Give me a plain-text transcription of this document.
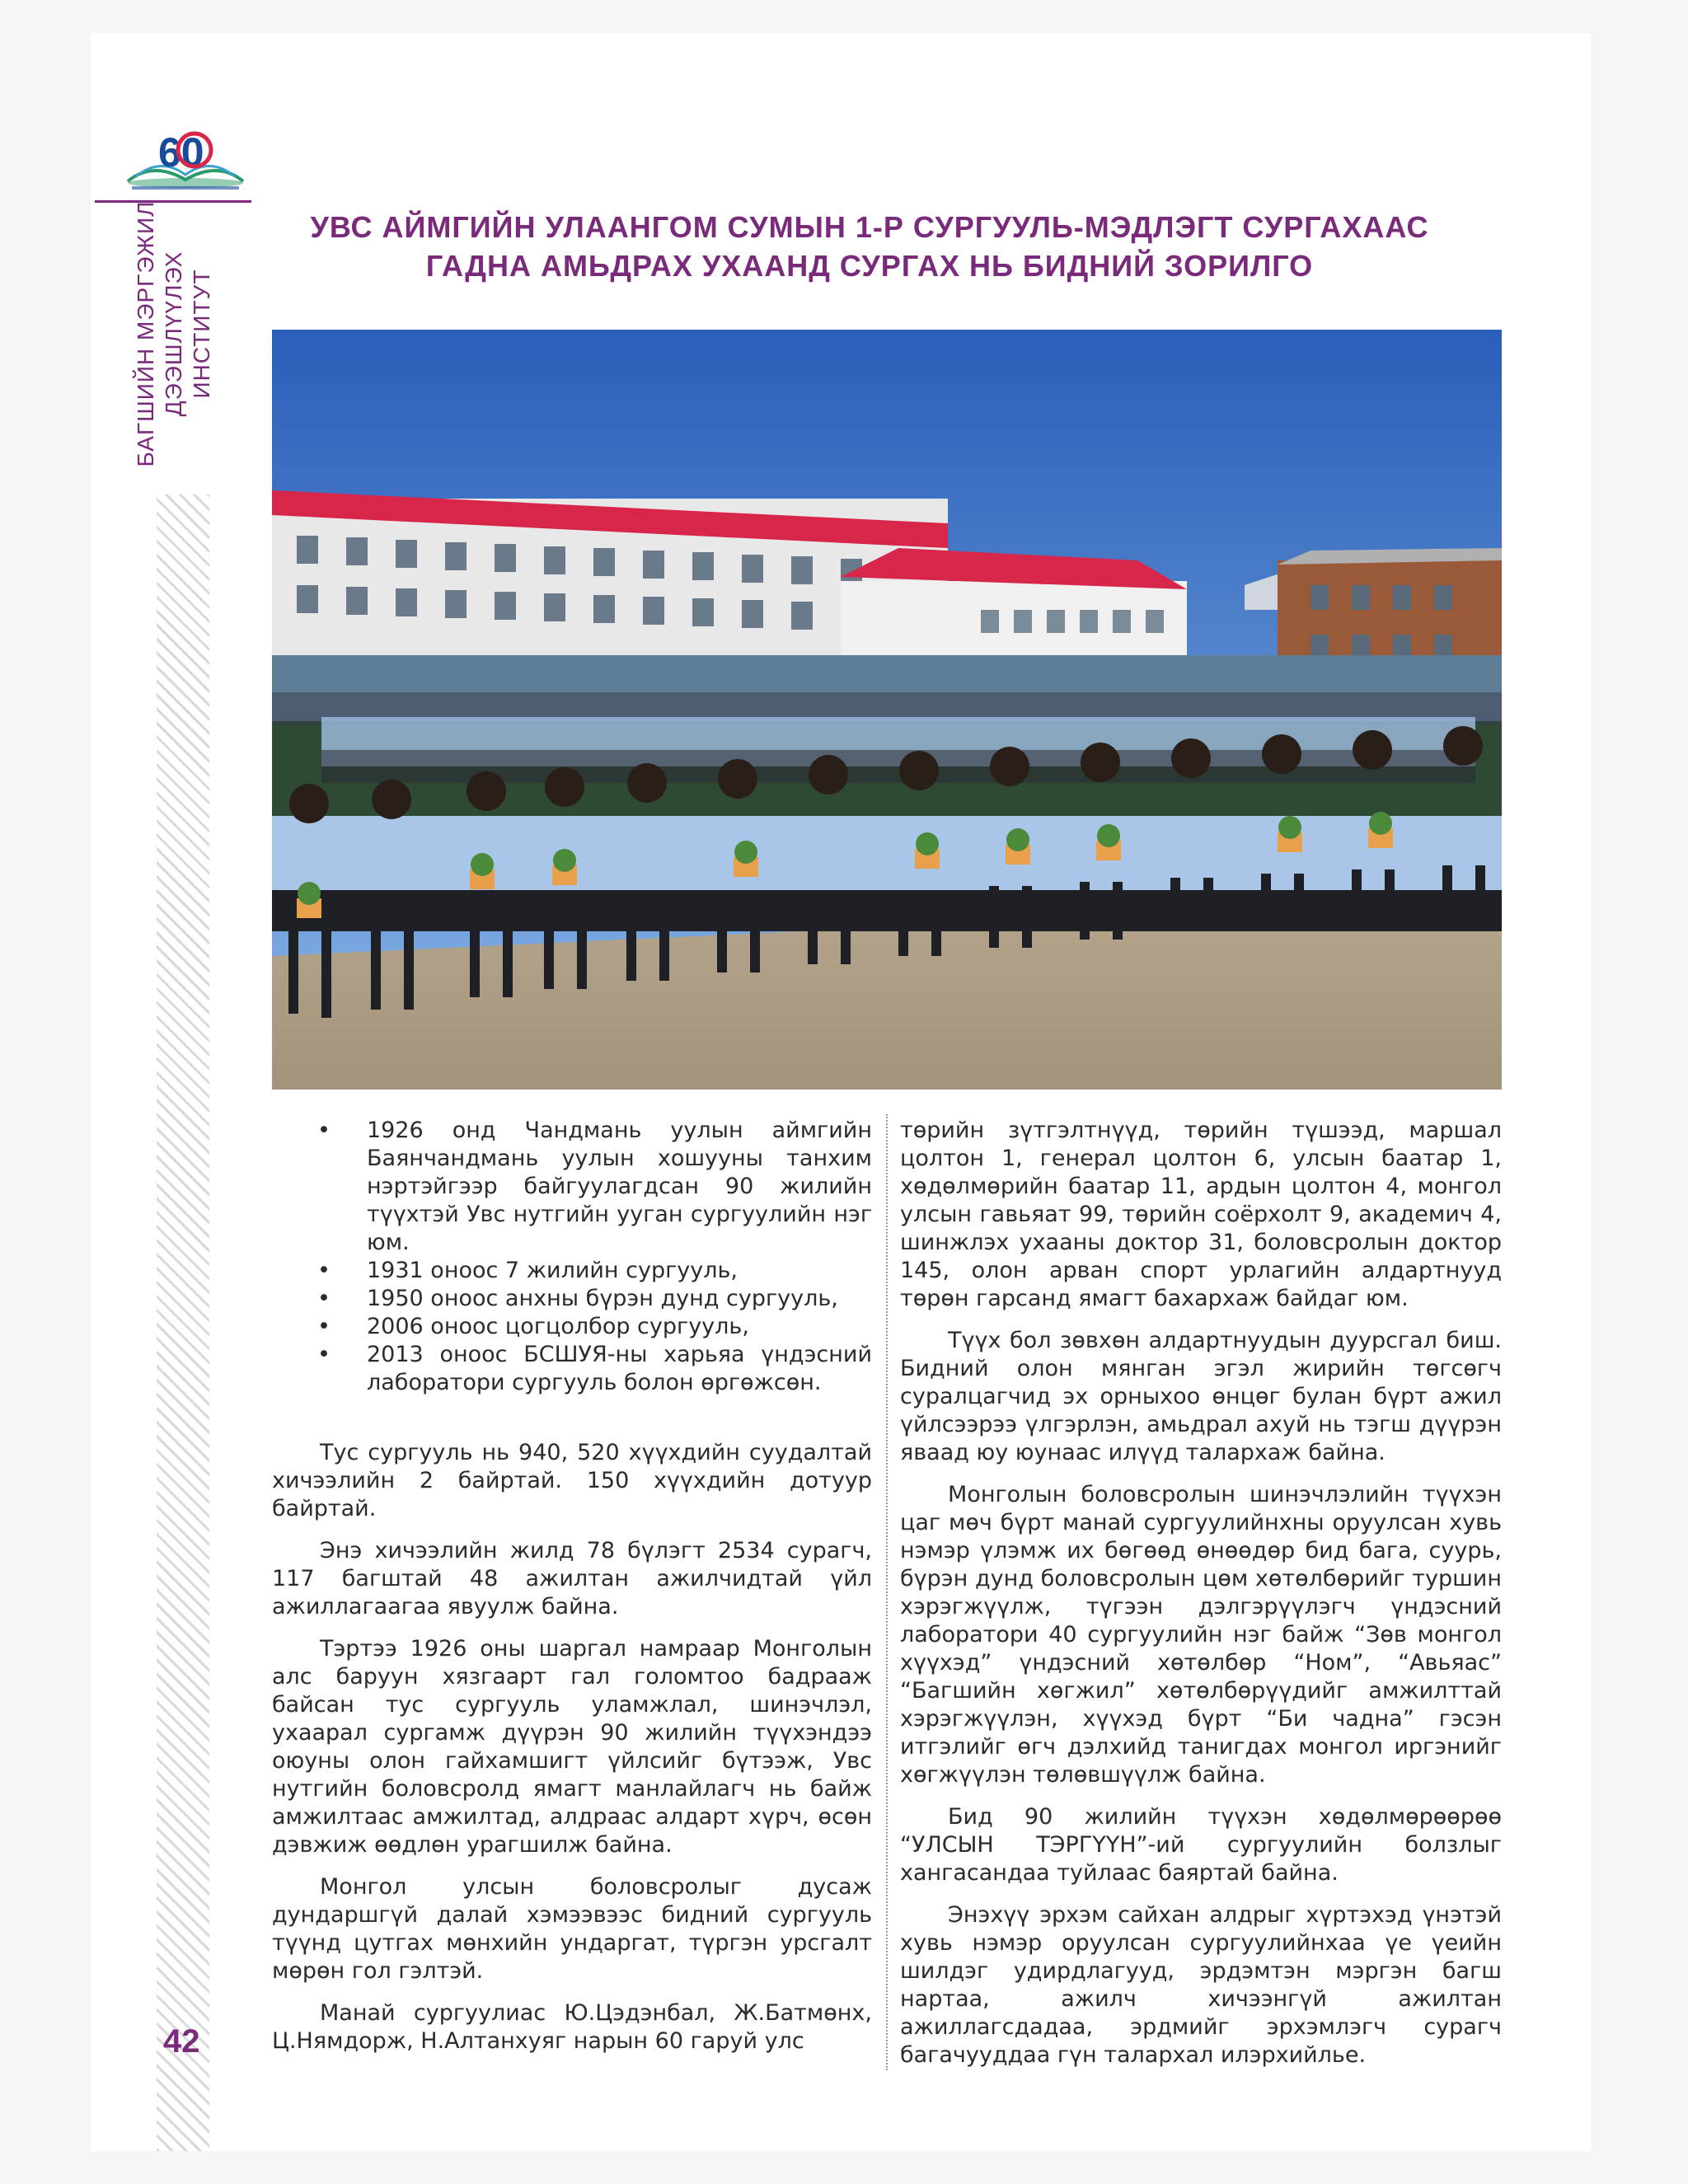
60
БАГШИЙН МЭРГЭЖИЛ ДЭЭШЛҮҮЛЭХ ИНСТИТУТ
42
УВС АЙМГИЙН УЛААНГОМ СУМЫН 1-Р СУРГУУЛЬ-МЭДЛЭГТ СУРГАХААС
ГАДНА АМЬДРАХ УХААНД СУРГАХ НЬ БИДНИЙ ЗОРИЛГО
• 1926 онд Чандмань уулын аймгийн Баянчандмань уулын хошууны танхим нэртэйгээр байгуулагдсан 90 жилийн түүхтэй Увс нутгийн ууган сургуулийн нэг юм.
• 1931 оноос 7 жилийн сургууль,
• 1950 оноос анхны бүрэн дунд сургууль,
• 2006 оноос цогцолбор сургууль,
• 2013 оноос БСШУЯ-ны харьяа үндэсний лаборатори сургууль болон өргөжсөн.

Тус сургууль нь 940, 520 хүүхдийн суудалтай хичээлийн 2 байртай. 150 хүүхдийн дотуур байртай.

Энэ хичээлийн жилд 78 бүлэгт 2534 сурагч, 117 багштай 48 ажилтан ажилчидтай үйл ажиллагаагаа явуулж байна.

Тэртээ 1926 оны шаргал намраар Монголын алс баруун хязгаарт гал голомтоо бадрааж байсан тус сургууль уламжлал, шинэчлэл, ухаарал сургамж дүүрэн 90 жилийн түүхэндээ оюуны олон гайхамшигт үйлсийг бүтээж, Увс нутгийн боловсролд ямагт манлайлагч нь байж амжилтаас амжилтад, алдраас алдарт хүрч, өсөн дэвжиж өөдлөн урагшилж байна.

Монгол улсын боловсролыг дусаж дундаршгүй далай хэмээвээс бидний сургууль түүнд цутгах мөнхийн ундаргат, түргэн урсгалт мөрөн гол гэлтэй.

Манай сургуулиас Ю.Цэдэнбал, Ж.Батмөнх, Ц.Нямдорж, Н.Алтанхуяг нарын 60 гаруй улс

төрийн зүтгэлтнүүд, төрийн түшээд, маршал цолтон 1, генерал цолтон 6, улсын баатар 1, хөдөлмөрийн баатар 11, ардын цолтон 4, монгол улсын гавьяат 99, төрийн соёрхолт 9, академич 4, шинжлэх ухааны доктор 31, боловсролын доктор 145, олон арван спорт урлагийн алдартнууд төрөн гарсанд ямагт бахархаж байдаг юм.

Түүх бол зөвхөн алдартнуудын дуурсгал биш. Бидний олон мянган эгэл жирийн төгсөгч суралцагчид эх орныхоо өнцөг булан бүрт ажил үйлсээрээ үлгэрлэн, амьдрал ахуй нь тэгш дүүрэн яваад юу юунаас илүүд талархаж байна.

Монголын боловсролын шинэчлэлийн түүхэн цаг мөч бүрт манай сургуулийнхны оруулсан хувь нэмэр үлэмж их бөгөөд өнөөдөр бид бага, суурь, бүрэн дунд боловсролын цөм хөтөлбөрийг туршин хэрэгжүүлж, түгээн дэлгэрүүлэгч үндэсний лаборатори 40 сургуулийн нэг байж “Зөв монгол хүүхэд” үндэсний хөтөлбөр “Ном”, “Авьяас” “Багшийн хөгжил” хөтөлбөрүүдийг амжилттай хэрэгжүүлэн, хүүхэд бүрт “Би чадна” гэсэн итгэлийг өгч дэлхийд танигдах монгол иргэнийг хөгжүүлэн төлөвшүүлж байна.

Бид 90 жилийн түүхэн хөдөлмөрөөрөө “УЛСЫН ТЭРГҮҮН”-ий сургуулийн болзлыг хангасандаа туйлаас баяртай байна.

Энэхүү эрхэм сайхан алдрыг хүртэхэд үнэтэй хувь нэмэр оруулсан сургуулийнхаа үе үеийн шилдэг удирдлагууд, эрдэмтэн мэргэн багш нартаа, ажилч хичээнгүй ажилтан ажиллагсдадаа, эрдмийг эрхэмлэгч сурагч багачууддаа гүн талархал илэрхийлье.
